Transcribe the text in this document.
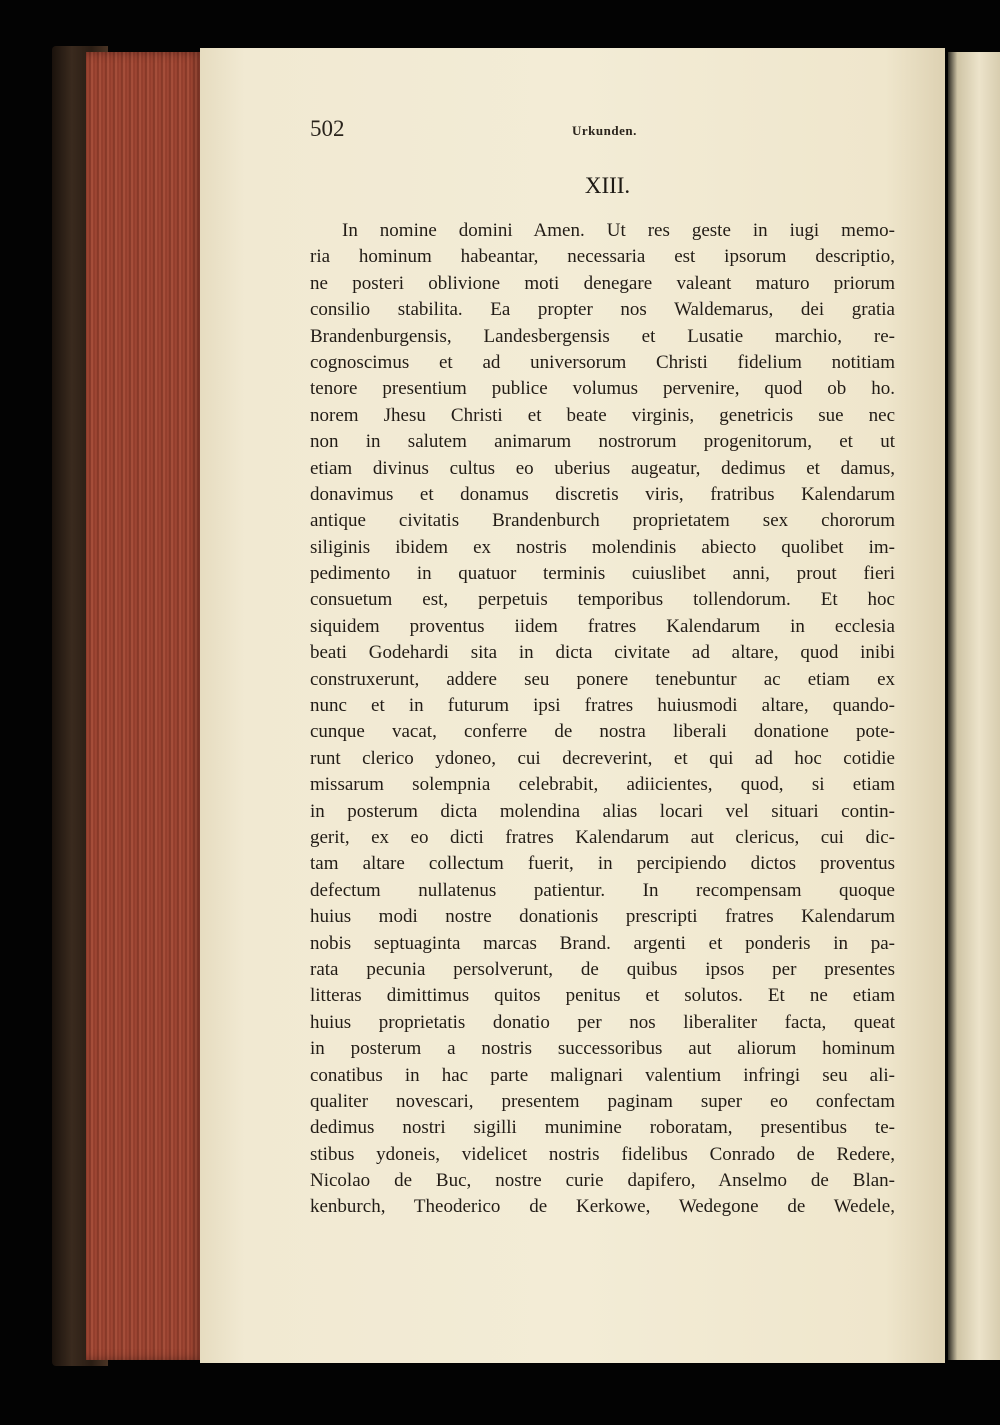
502	Urkunden.
XIII.
In nomine domini Amen. Ut res geste in iugi memo-
ria hominum habeantar, necessaria est ipsorum descriptio,
ne posteri oblivione moti denegare valeant maturo priorum
consilio stabilita. Ea propter nos Waldemarus, dei gratia
Brandenburgensis, Landesbergensis et Lusatie marchio, re-
cognoscimus et ad universorum Christi fidelium notitiam
tenore presentium publice volumus pervenire, quod ob ho.
norem Jhesu Christi et beate virginis, genetricis sue nec
non in salutem animarum nostrorum progenitorum, et ut
etiam divinus cultus eo uberius augeatur, dedimus et damus,
donavimus et donamus discretis viris, fratribus Kalendarum
antique civitatis Brandenburch proprietatem sex chororum
siliginis ibidem ex nostris molendinis abiecto quolibet im-
pedimento in quatuor terminis cuiuslibet anni, prout fieri
consuetum est, perpetuis temporibus tollendorum. Et hoc
siquidem proventus iidem fratres Kalendarum in ecclesia
beati Godehardi sita in dicta civitate ad altare, quod inibi
construxerunt, addere seu ponere tenebuntur ac etiam ex
nunc et in futurum ipsi fratres huiusmodi altare, quando-
cunque vacat, conferre de nostra liberali donatione pote-
runt clerico ydoneo, cui decreverint, et qui ad hoc cotidie
missarum solempnia celebrabit, adiicientes, quod, si etiam
in posterum dicta molendina alias locari vel situari contin-
gerit, ex eo dicti fratres Kalendarum aut clericus, cui dic-
tam altare collectum fuerit, in percipiendo dictos proventus
defectum nullatenus patientur. In recompensam quoque
huius modi nostre donationis prescripti fratres Kalendarum
nobis septuaginta marcas Brand. argenti et ponderis in pa-
rata pecunia persolverunt, de quibus ipsos per presentes
litteras dimittimus quitos penitus et solutos. Et ne etiam
huius proprietatis donatio per nos liberaliter facta, queat
in posterum a nostris successoribus aut aliorum hominum
conatibus in hac parte malignari valentium infringi seu ali-
qualiter novescari, presentem paginam super eo confectam
dedimus nostri sigilli munimine roboratam, presentibus te-
stibus ydoneis, videlicet nostris fidelibus Conrado de Redere,
Nicolao de Buc, nostre curie dapifero, Anselmo de Blan-
kenburch, Theoderico de Kerkowe, Wedegone de Wedele,
